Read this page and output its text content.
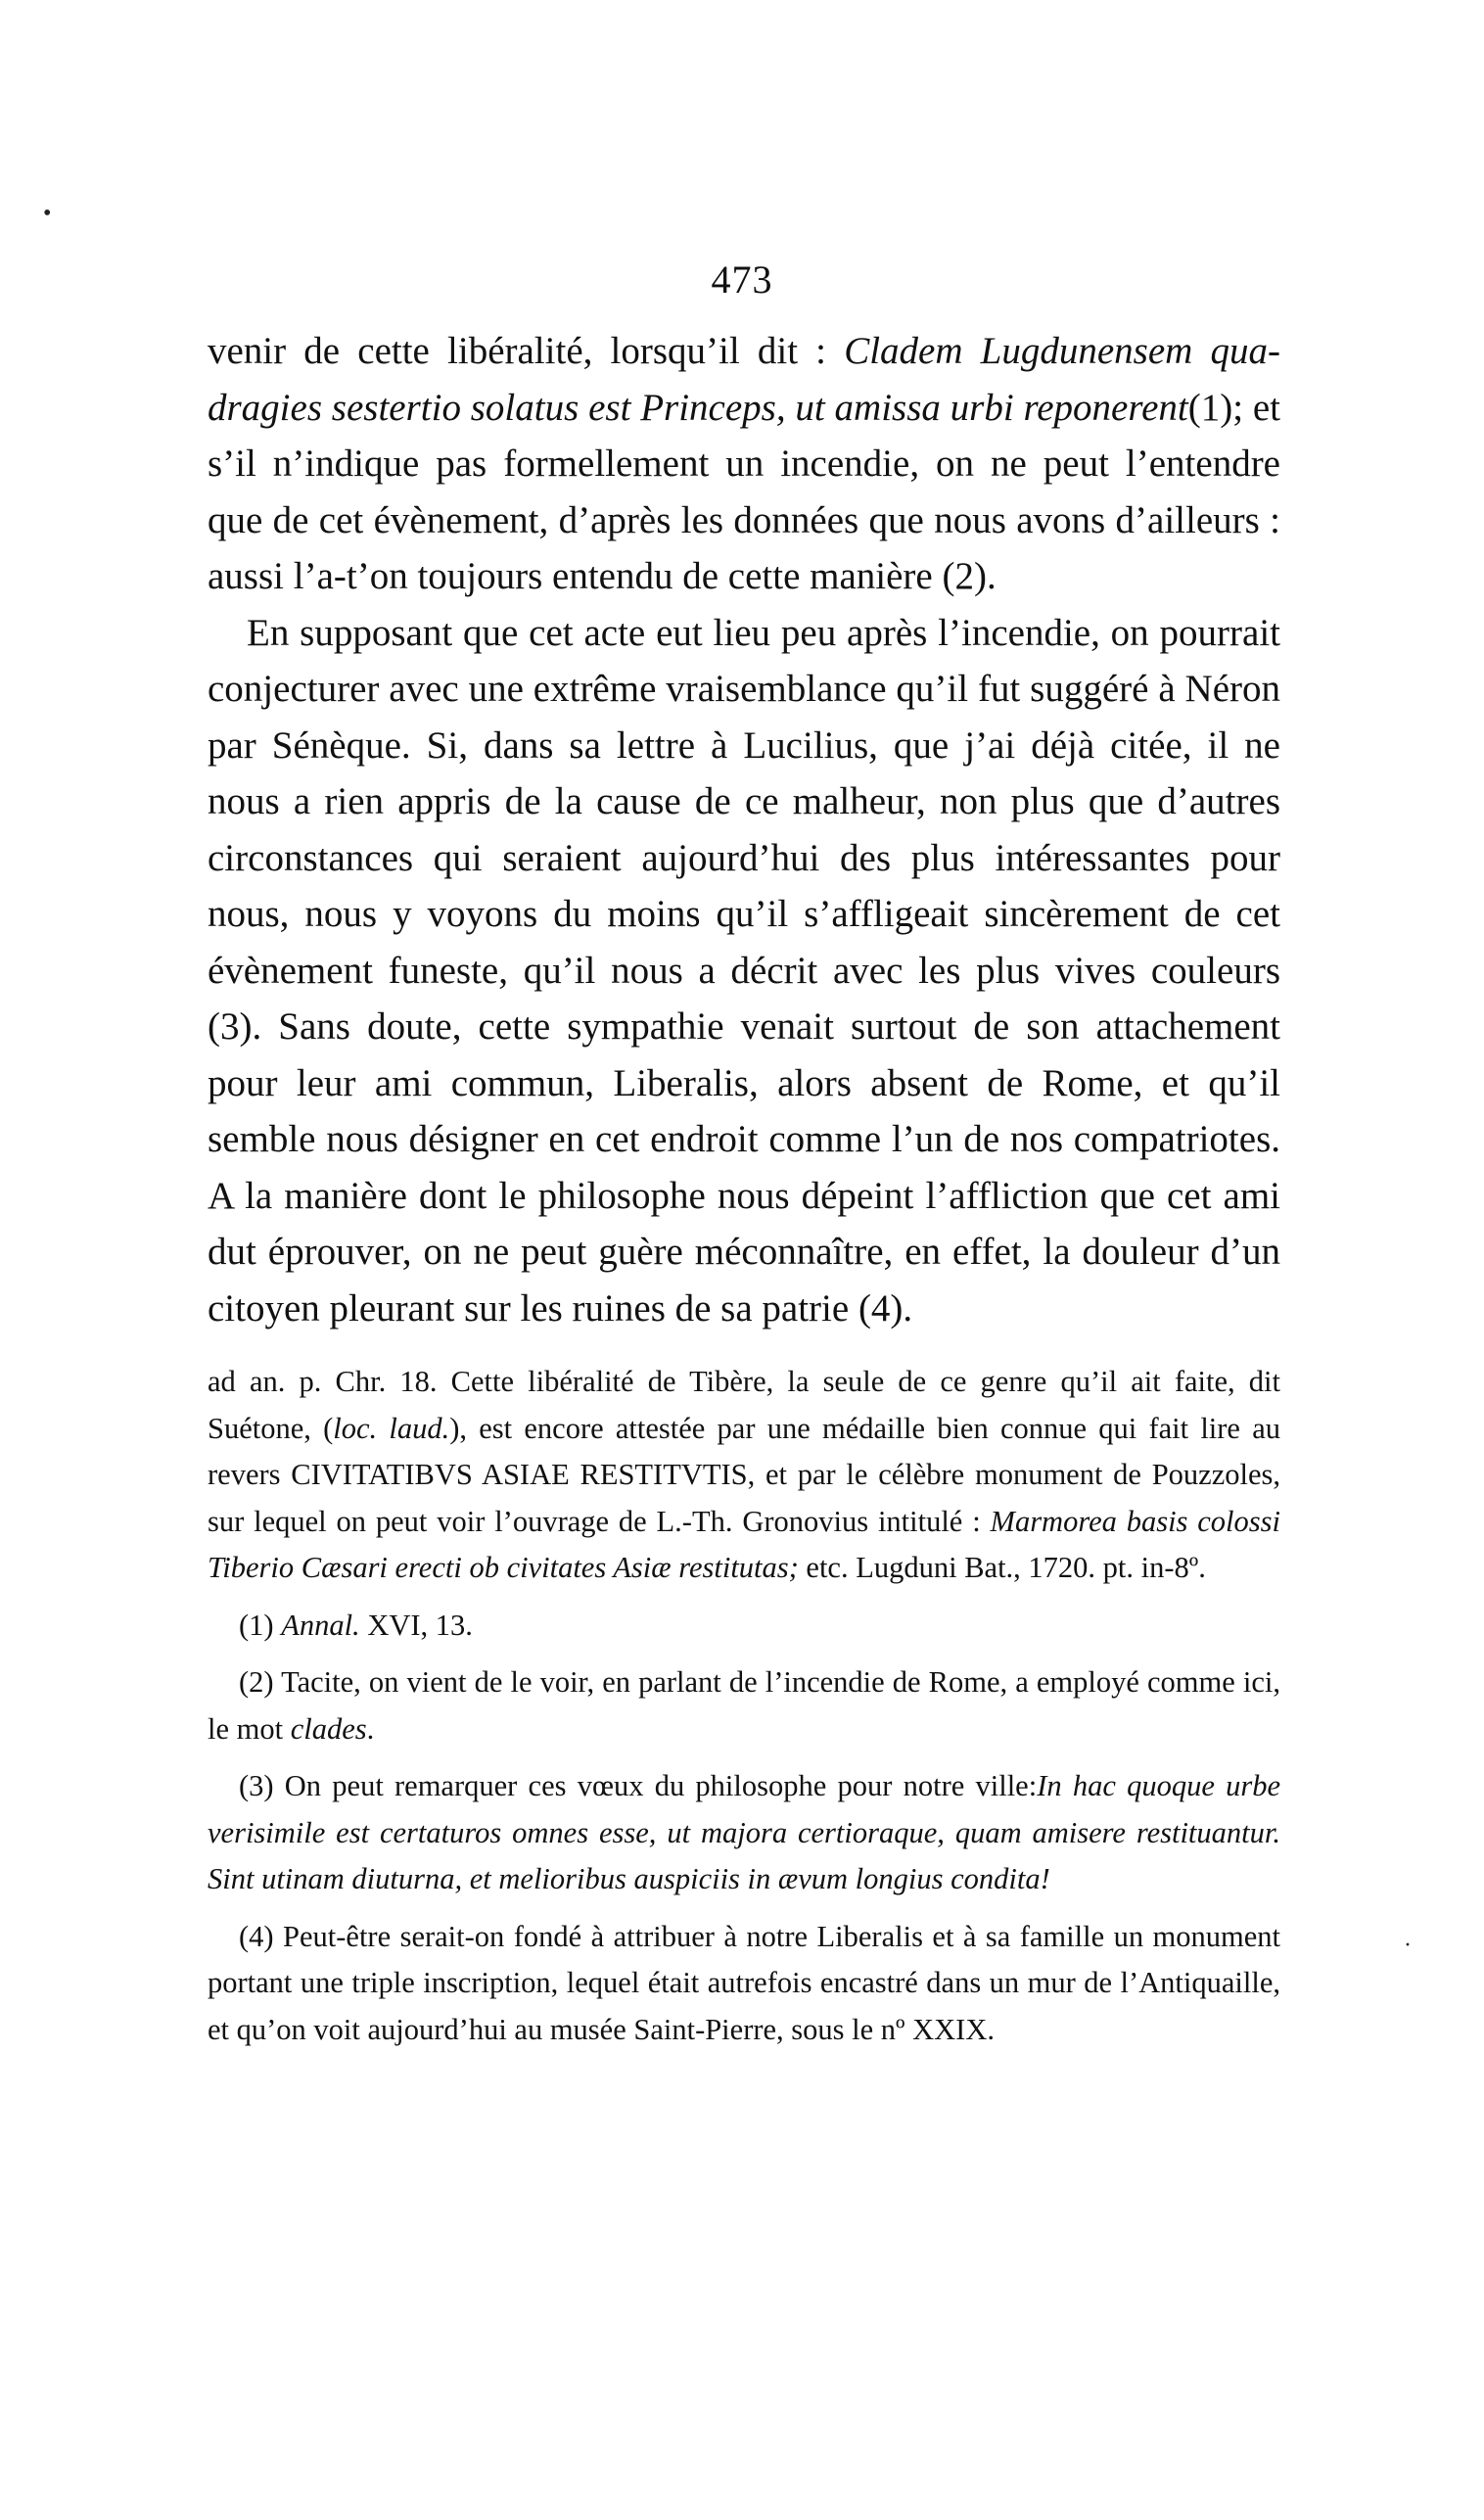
•
·
473

venir de cette libéralité, lorsqu’il dit : Cladem Lugdunensem quadragies sestertio solatus est Princeps, ut amissa urbi reponerent(1); et s’il n’indique pas formellement un incendie, on ne peut l’entendre que de cet évènement, d’après les données que nous avons d’ailleurs : aussi l’a-t’on toujours entendu de cette manière (2).

En supposant que cet acte eut lieu peu après l’incendie, on pourrait conjecturer avec une extrême vraisemblance qu’il fut suggéré à Néron par Sénèque. Si, dans sa lettre à Lucilius, que j’ai déjà citée, il ne nous a rien appris de la cause de ce malheur, non plus que d’autres circonstances qui seraient aujourd’hui des plus intéressantes pour nous, nous y voyons du moins qu’il s’affligeait sincèrement de cet évènement funeste, qu’il nous a décrit avec les plus vives couleurs (3). Sans doute, cette sympathie venait surtout de son attachement pour leur ami commun, Liberalis, alors absent de Rome, et qu’il semble nous désigner en cet endroit comme l’un de nos compatriotes. A la manière dont le philosophe nous dépeint l’affliction que cet ami dut éprouver, on ne peut guère méconnaître, en effet, la douleur d’un citoyen pleurant sur les ruines de sa patrie (4).

ad an. p. Chr. 18. Cette libéralité de Tibère, la seule de ce genre qu’il ait faite, dit Suétone, (loc. laud.), est encore attestée par une médaille bien connue qui fait lire au revers CIVITATIBVS ASIAE RESTITVTIS, et par le célèbre monument de Pouzzoles, sur lequel on peut voir l’ouvrage de L.-Th. Gronovius intitulé : Marmorea basis colossi Tiberio Cæsari erecti ob civitates Asiæ restitutas; etc. Lugduni Bat., 1720. pt. in-8º.

(1) Annal. XVI, 13.

(2) Tacite, on vient de le voir, en parlant de l’incendie de Rome, a employé comme ici, le mot clades.

(3) On peut remarquer ces vœux du philosophe pour notre ville:In hac quoque urbe verisimile est certaturos omnes esse, ut majora certioraque, quam amisere restituantur. Sint utinam diuturna, et melioribus auspiciis in ævum longius condita!

(4) Peut-être serait-on fondé à attribuer à notre Liberalis et à sa famille un monument portant une triple inscription, lequel était autrefois encastré dans un mur de l’Antiquaille, et qu’on voit aujourd’hui au musée Saint-Pierre, sous le nº XXIX.
